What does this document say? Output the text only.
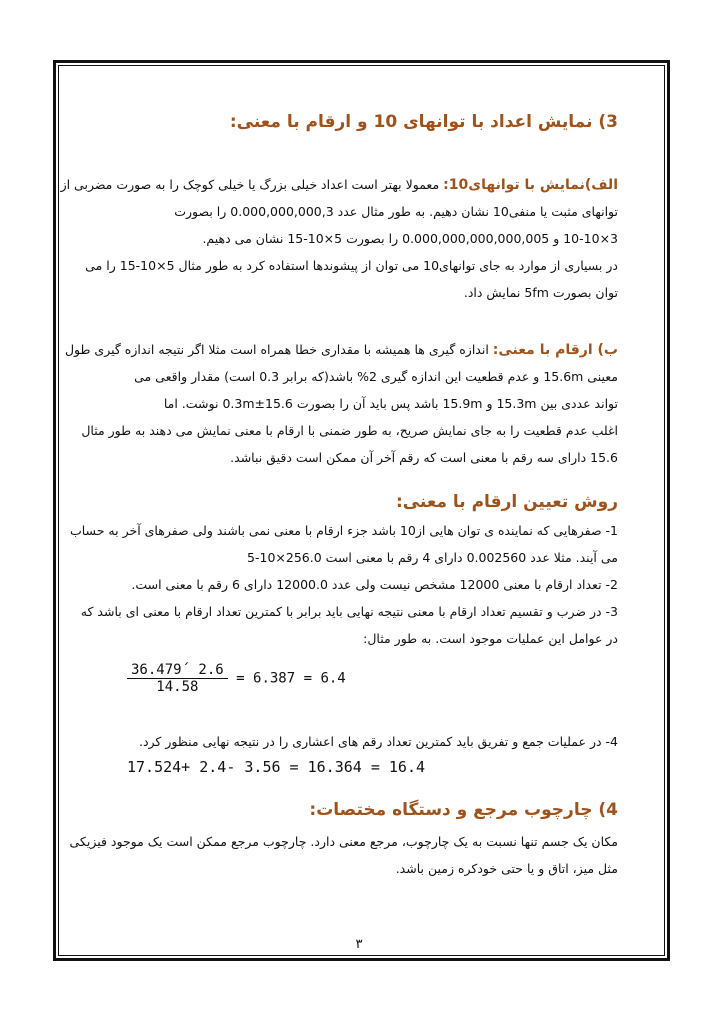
3) نمایش اعداد با توانهای 10 و ارقام با معنی:
الف)نمایش با توانهای10: معمولا بهتر است اعداد خیلی بزرگ یا خیلی کوچک را به صورت مضربی از
توانهای مثبت یا منفی10 نشان دهیم. به طور مثال عدد 0.000,000,000,3 را بصورت
3×10-10 و 0.000,000,000,000,005 را بصورت 5×10-15 نشان می دهیم.
در بسیاری از موارد به جای توانهای10 می توان از پیشوندها استفاده کرد به طور مثال 5×10-15 را می
توان بصورت 5fm نمایش داد.
ب) ارقام با معنی: اندازه گیری ها همیشه با مقداری خطا همراه است مثلا اگر نتیجه اندازه گیری طول
معینی 15.6m و عدم قطعیت این اندازه گیری 2% باشد(که برابر 0.3 است) مقدار واقعی می
تواند عددی بین 15.3m و 15.9m باشد پس باید آن را بصورت 15.6±0.3m نوشت. اما
اغلب عدم قطعیت را به جای نمایش صریح، به طور ضمنی با ارقام با معنی نمایش می دهند به طور مثال
15.6 دارای سه رقم با معنی است که رقم آخر آن ممکن است دقیق نباشد.
روش تعیین ارقام با معنی:
1- صفرهایی که نماینده ی توان هایی از10 باشد جزء ارقام با معنی نمی باشند ولی صفرهای آخر به حساب
می آیند. مثلا عدد 0.002560 دارای 4 رقم با معنی است 256.0×10-5
2- تعداد ارقام با معنی 12000 مشخص نیست ولی عدد 12000.0 دارای 6 رقم با معنی است.
3- در ضرب و تقسیم تعداد ارقام با معنی نتیجه نهایی باید برابر با کمترین تعداد ارقام با معنی ای باشد که
در عوامل این عملیات موجود است. به طور مثال:
$\frac{36.479´ 2.6}{14.58} = 6.387 = 6.4$
4- در عملیات جمع و تفریق باید کمترین تعداد رقم های اعشاری را در نتیجه نهایی منظور کرد.
17.524+ 2.4- 3.56 = 16.364 = 16.4
4) چارچوب مرجع و دستگاه مختصات:
مکان یک جسم تنها نسبت به یک چارچوب، مرجع معنی دارد. چارچوب مرجع ممکن است یک موجود فیزیکی
مثل میز، اتاق و یا حتی خودکره زمین باشد.
۳
